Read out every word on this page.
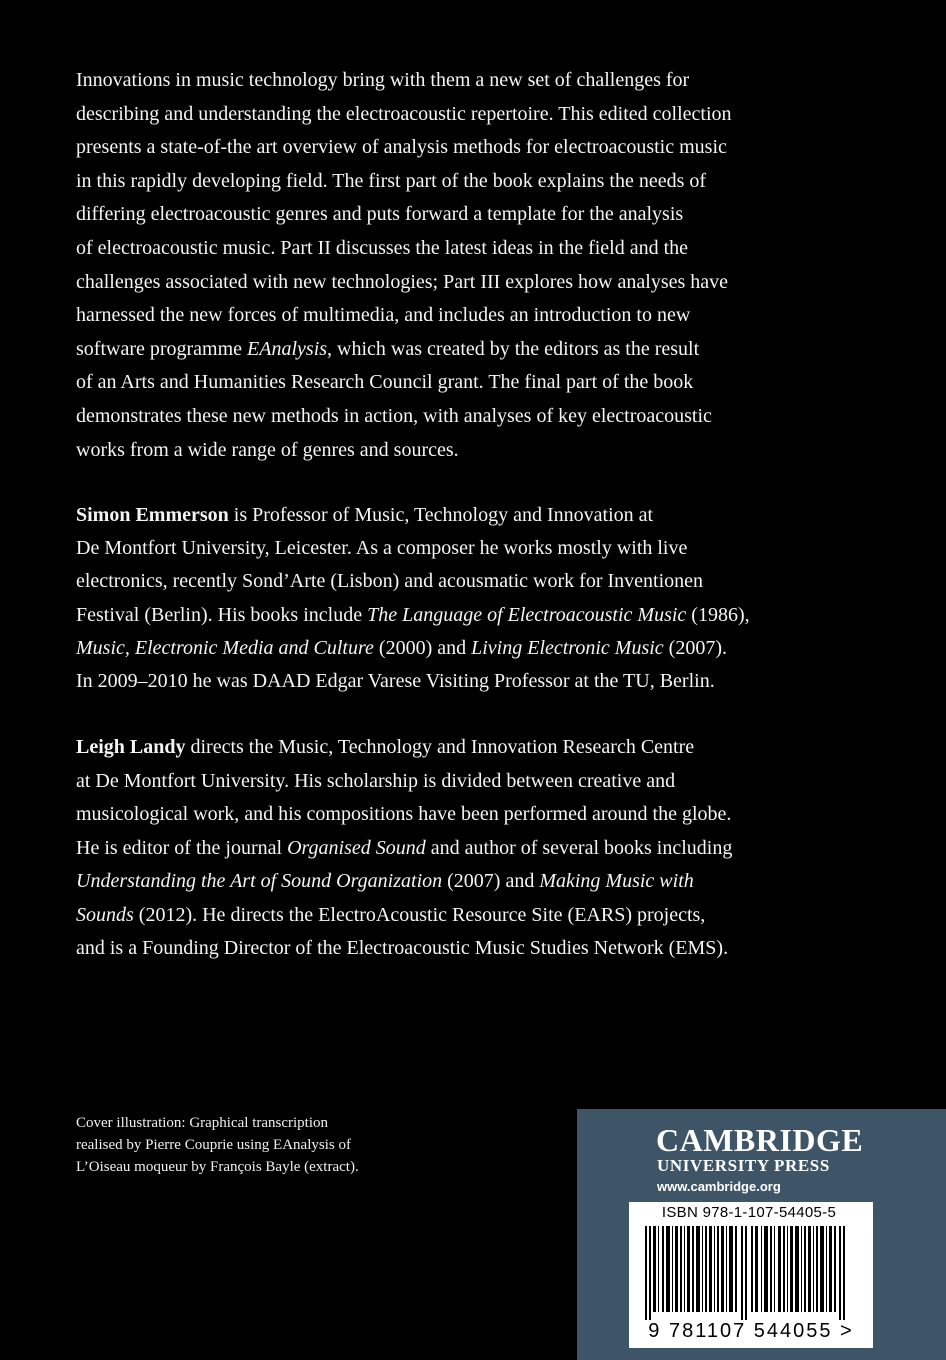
Innovations in music technology bring with them a new set of challenges for
describing and understanding the electroacoustic repertoire. This edited collection
presents a state-of-the art overview of analysis methods for electroacoustic music
in this rapidly developing field. The first part of the book explains the needs of
differing electroacoustic genres and puts forward a template for the analysis
of electroacoustic music. Part II discusses the latest ideas in the field and the
challenges associated with new technologies; Part III explores how analyses have
harnessed the new forces of multimedia, and includes an introduction to new
software programme EAnalysis, which was created by the editors as the result
of an Arts and Humanities Research Council grant. The final part of the book
demonstrates these new methods in action, with analyses of key electroacoustic
works from a wide range of genres and sources.
Simon Emmerson is Professor of Music, Technology and Innovation at
De Montfort University, Leicester. As a composer he works mostly with live
electronics, recently Sond’Arte (Lisbon) and acousmatic work for Inventionen
Festival (Berlin). His books include The Language of Electroacoustic Music (1986),
Music, Electronic Media and Culture (2000) and Living Electronic Music (2007).
In 2009–2010 he was DAAD Edgar Varese Visiting Professor at the TU, Berlin.
Leigh Landy directs the Music, Technology and Innovation Research Centre
at De Montfort University. His scholarship is divided between creative and
musicological work, and his compositions have been performed around the globe.
He is editor of the journal Organised Sound and author of several books including
Understanding the Art of Sound Organization (2007) and Making Music with
Sounds (2012). He directs the ElectroAcoustic Resource Site (EARS) projects,
and is a Founding Director of the Electroacoustic Music Studies Network (EMS).
Cover illustration: Graphical transcription
realised by Pierre Couprie using EAnalysis of
L’Oiseau moqueur by François Bayle (extract).
CAMBRIDGE
UNIVERSITY PRESS
www.cambridge.org
ISBN 978-1-107-54405-5
9 781107 544055 >
